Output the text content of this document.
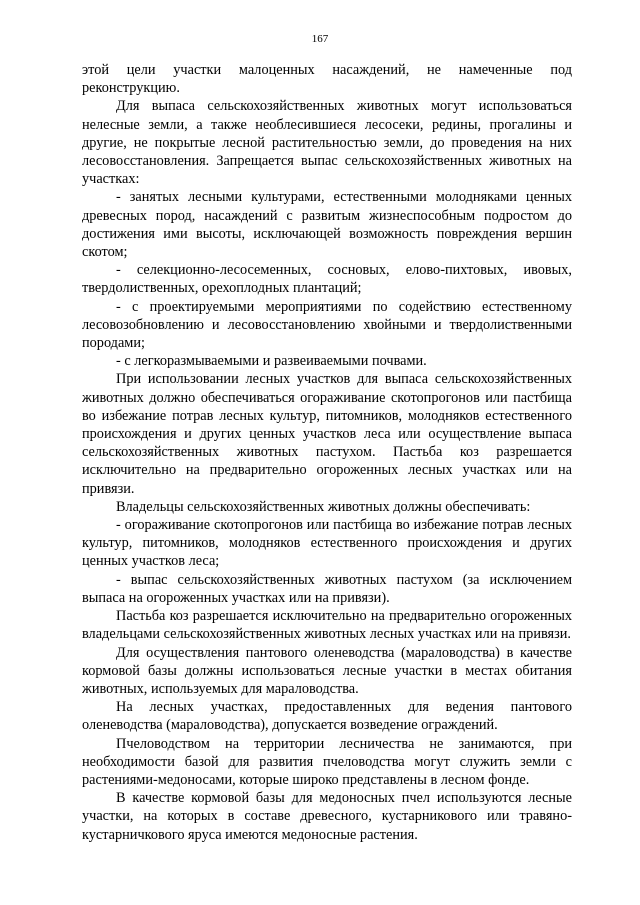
167

этой цели участки малоценных насаждений, не намеченные под реконструкцию.

Для выпаса сельскохозяйственных животных могут использоваться нелесные земли, а также необлесившиеся лесосеки, редины, прогалины и другие, не покрытые лесной растительностью земли, до проведения на них лесовосстановления. Запрещается выпас сельскохозяйственных животных на участках:

- занятых лесными культурами, естественными молодняками ценных древесных пород, насаждений с развитым жизнеспособным подростом до достижения ими высоты, исключающей возможность повреждения вершин скотом;

- селекционно-лесосеменных, сосновых, елово-пихтовых, ивовых, твердолиственных, орехоплодных плантаций;

- с проектируемыми мероприятиями по содействию естественному лесовозобновлению и лесовосстановлению хвойными и твердолиственными породами;

- с легкоразмываемыми и развеиваемыми почвами.

При использовании лесных участков для выпаса сельскохозяйственных животных должно обеспечиваться огораживание скотопрогонов или пастбища во избежание потрав лесных культур, питомников, молодняков естественного происхождения и других ценных участков леса или осуществление выпаса сельскохозяйственных животных пастухом. Пастьба коз разрешается исключительно на предварительно огороженных лесных участках или на привязи.

Владельцы сельскохозяйственных животных должны обеспечивать:

- огораживание скотопрогонов или пастбища во избежание потрав лесных культур, питомников, молодняков естественного происхождения и других ценных участков леса;

- выпас сельскохозяйственных животных пастухом (за исключением выпаса на огороженных участках или на привязи).

Пастьба коз разрешается исключительно на предварительно огороженных владельцами сельскохозяйственных животных лесных участках или на привязи.

Для осуществления пантового оленеводства (мараловодства) в качестве кормовой базы должны использоваться лесные участки в местах обитания животных, используемых для мараловодства.

На лесных участках, предоставленных для ведения пантового оленеводства (мараловодства), допускается возведение ограждений.

Пчеловодством на территории лесничества не занимаются, при необходимости базой для развития пчеловодства могут служить земли с растениями-медоносами, которые широко представлены в лесном фонде.

В качестве кормовой базы для медоносных пчел используются лесные участки, на которых в составе древесного, кустарникового или травяно-кустарничкового яруса имеются медоносные растения.
